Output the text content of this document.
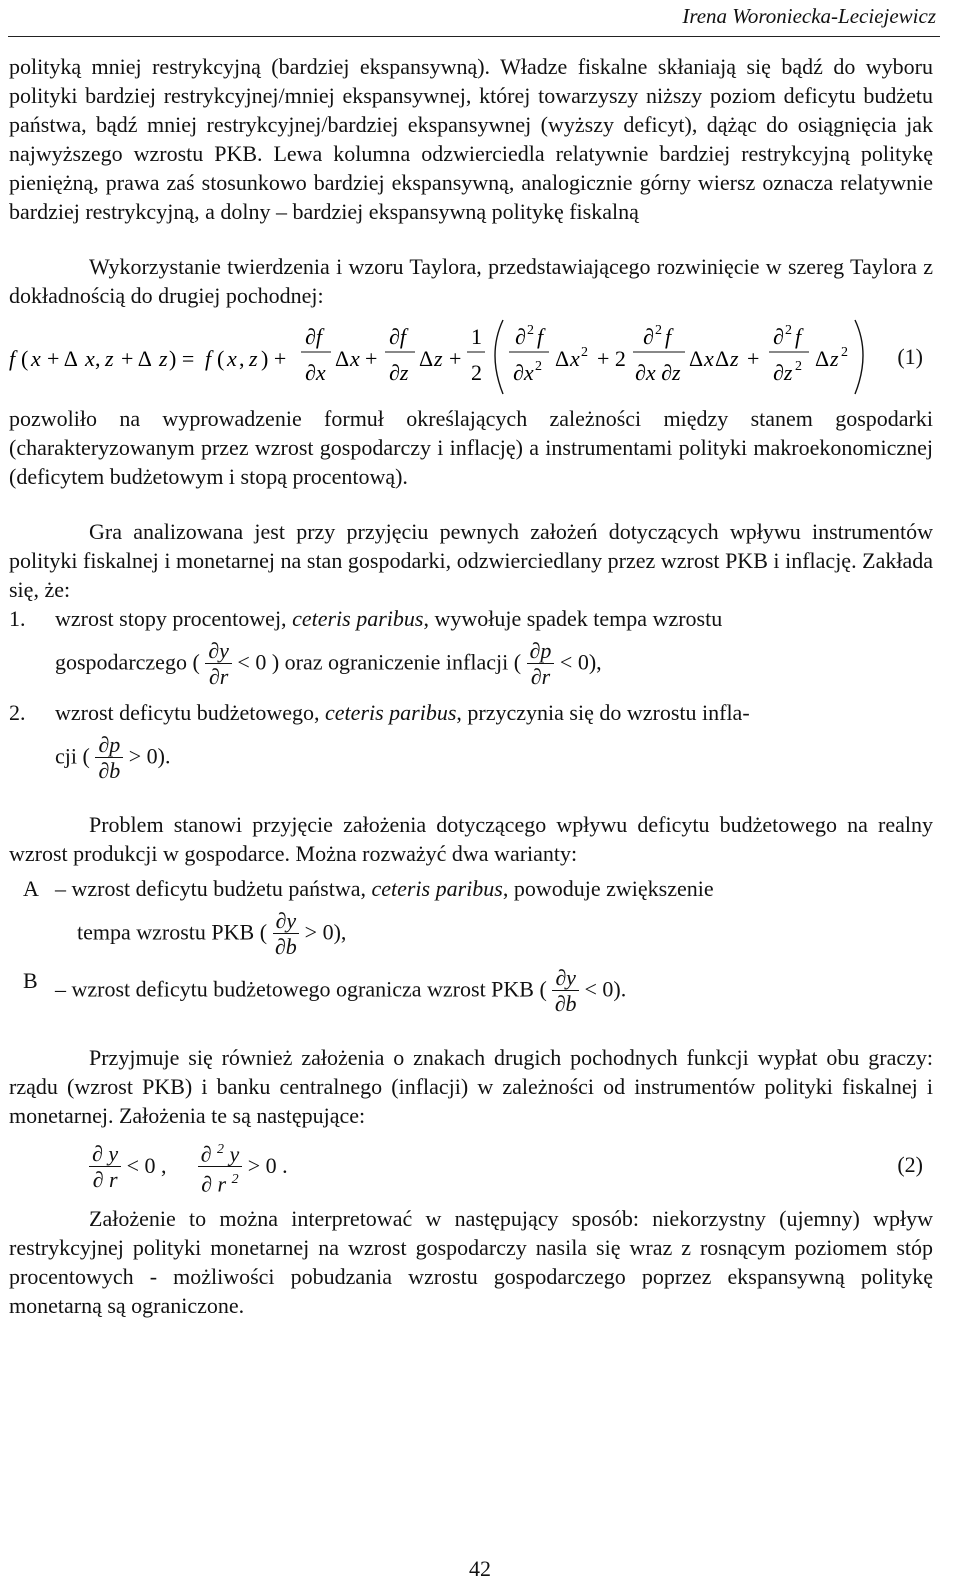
Irena Woroniecka-Leciejewicz

polityką mniej restrykcyjną (bardziej ekspansywną). Władze fiskalne skłaniają się bądź do wyboru polityki bardziej restrykcyjnej/mniej ekspansywnej, której towarzyszy niższy poziom deficytu budżetu państwa, bądź mniej restrykcyjnej/bardziej ekspansywnej (wyższy deficyt), dążąc do osiągnięcia jak najwyższego wzrostu PKB. Lewa kolumna odzwierciedla relatywnie bardziej restrykcyjną politykę pieniężną, prawa zaś stosunkowo bardziej ekspansywną, analogicznie górny wiersz oznacza relatywnie bardziej restrykcyjną, a dolny – bardziej ekspansywną politykę fiskalną

Wykorzystanie twierdzenia i wzoru Taylora, przedstawiającego rozwinięcie w szereg Taylora z dokładnością do drugiej pochodnej:

f ( x + Δ x , z + Δ z ) = f ( x , z ) +
∂f
∂x
Δ x +
∂f
∂z
Δ z +
1
2
∂ 2 f
∂x 2 Δ x 2 + 2
∂ 2 f
∂x ∂z
Δ x Δ z +
∂ 2 f
∂z 2 Δ z 2 (1)

pozwoliło na wyprowadzenie formuł określających zależności między stanem gospodarki (charakteryzowanym przez wzrost gospodarczy i inflację) a instrumentami polityki makroekonomicznej (deficytem budżetowym i stopą procentową).

Gra analizowana jest przy przyjęciu pewnych założeń dotyczących wpływu instrumentów polityki fiskalnej i monetarnej na stan gospodarki, odzwierciedlany przez wzrost PKB i inflację. Zakłada się, że:

1. wzrost stopy procentowej, ceteris paribus, wywołuje spadek tempa wzrostu
gospodarczego ( $\frac{\partial y}{\partial r} < 0$ ) oraz ograniczenie inflacji ( $\frac{\partial p}{\partial r} < 0$),
2. wzrost deficytu budżetowego, ceteris paribus, przyczynia się do wzrostu infla-
cji ( $\frac{\partial p}{\partial b} > 0$).

Problem stanowi przyjęcie założenia dotyczącego wpływu deficytu budżetowego na realny wzrost produkcji w gospodarce. Można rozważyć dwa warianty:

A – wzrost deficytu budżetu państwa, ceteris paribus, powoduje zwiększenie
tempa wzrostu PKB ( $\frac{\partial y}{\partial b} > 0$),
B – wzrost deficytu budżetowego ogranicza wzrost PKB ( $\frac{\partial y}{\partial b} < 0$).

Przyjmuje się również założenia o znakach drugich pochodnych funkcji wypłat obu graczy: rządu (wzrost PKB) i banku centralnego (inflacji) w zależności od instrumentów polityki fiskalnej i monetarnej. Założenia te są następujące:

$\frac{\partial y}{\partial r} < 0$ , $\frac{\partial ^2 y}{\partial r ^2} > 0$ .	(2)

Założenie to można interpretować w następujący sposób: niekorzystny (ujemny) wpływ restrykcyjnej polityki monetarnej na wzrost gospodarczy nasila się wraz z rosnącym poziomem stóp procentowych - możliwości pobudzania wzrostu gospodarczego poprzez ekspansywną politykę monetarną są ograniczone.

42
